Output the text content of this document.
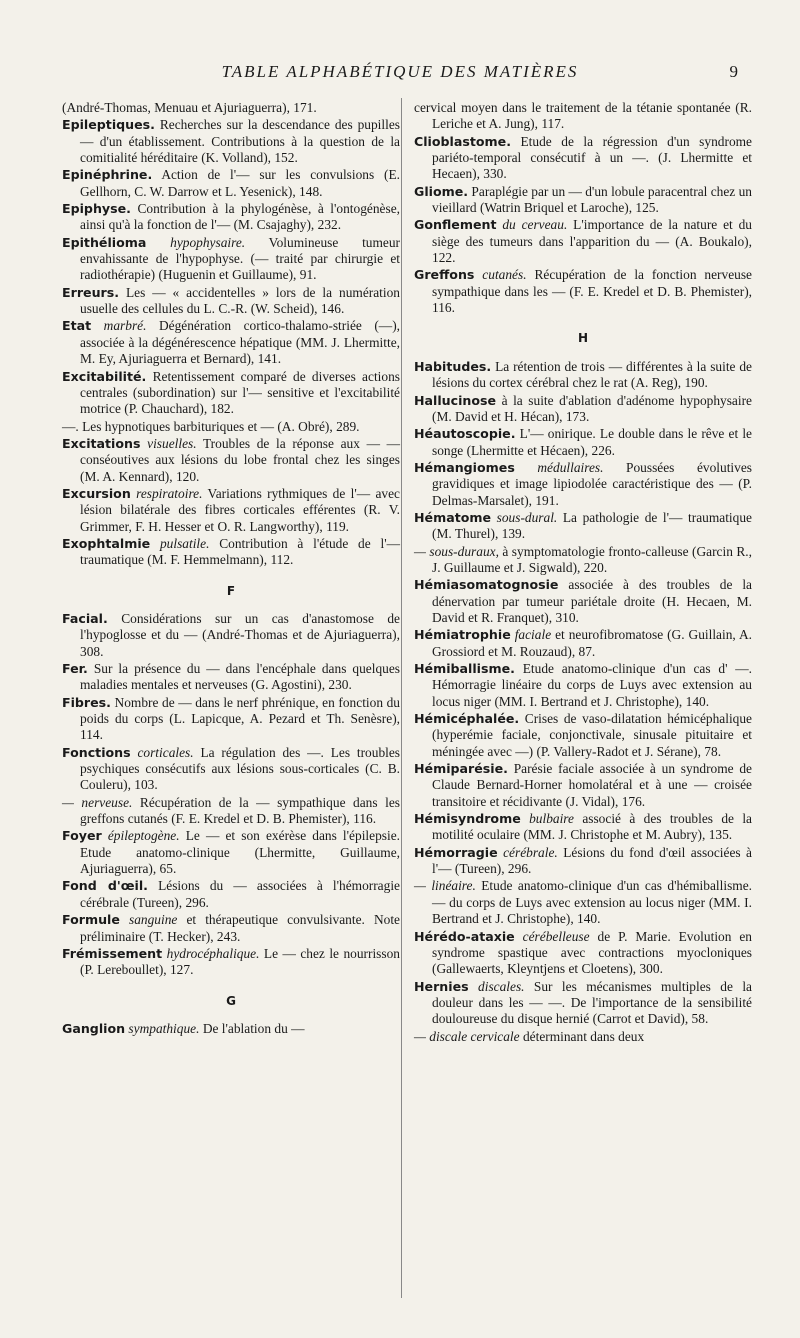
TABLE ALPHABÉTIQUE DES MATIÈRES	9
(André-Thomas, Menuau et Ajuriaguerra), 171.
Epileptiques. Recherches sur la descendance des pupilles — d'un établissement. Contributions à la question de la comitialité héréditaire (K. Volland), 152.
Epinéphrine. Action de l'— sur les convulsions (E. Gellhorn, C. W. Darrow et L. Yesenick), 148.
Epiphyse. Contribution à la phylogénèse, à l'ontogénèse, ainsi qu'à la fonction de l'— (M. Csajaghy), 232.
Epithélioma hypophysaire. Volumineuse tumeur envahissante de l'hypophyse. (— traité par chirurgie et radiothérapie) (Huguenin et Guillaume), 91.
Erreurs. Les — « accidentelles » lors de la numération usuelle des cellules du L. C.-R. (W. Scheid), 146.
Etat marbré. Dégénération cortico-thalamo-striée (—), associée à la dégénérescence hépatique (MM. J. Lhermitte, M. Ey, Ajuriaguerra et Bernard), 141.
Excitabilité. Retentissement comparé de diverses actions centrales (subordination) sur l'— sensitive et l'excitabilité motrice (P. Chauchard), 182.
—. Les hypnotiques barbituriques et — (A. Obré), 289.
Excitations visuelles. Troubles de la réponse aux — — conséoutives aux lésions du lobe frontal chez les singes (M. A. Kennard), 120.
Excursion respiratoire. Variations rythmiques de l'— avec lésion bilatérale des fibres corticales efférentes (R. V. Grimmer, F. H. Hesser et O. R. Langworthy), 119.
Exophtalmie pulsatile. Contribution à l'étude de l'— traumatique (M. F. Hemmelmann), 112.
F
Facial. Considérations sur un cas d'anastomose de l'hypoglosse et du — (André-Thomas et de Ajuriaguerra), 308.
Fer. Sur la présence du — dans l'encéphale dans quelques maladies mentales et nerveuses (G. Agostini), 230.
Fibres. Nombre de — dans le nerf phrénique, en fonction du poids du corps (L. Lapicque, A. Pezard et Th. Senèsre), 114.
Fonctions corticales. La régulation des —. Les troubles psychiques consécutifs aux lésions sous-corticales (C. B. Couleru), 103.
— nerveuse. Récupération de la — sympathique dans les greffons cutanés (F. E. Kredel et D. B. Phemister), 116.
Foyer épileptogène. Le — et son exérèse dans l'épilepsie. Etude anatomo-clinique (Lhermitte, Guillaume, Ajuriaguerra), 65.
Fond d'œil. Lésions du — associées à l'hémorragie cérébrale (Tureen), 296.
Formule sanguine et thérapeutique convulsivante. Note préliminaire (T. Hecker), 243.
Frémissement hydrocéphalique. Le — chez le nourrisson (P. Lereboullet), 127.
G
Ganglion sympathique. De l'ablation du —
cervical moyen dans le traitement de la tétanie spontanée (R. Leriche et A. Jung), 117.
Clioblastome. Etude de la régression d'un syndrome pariéto-temporal consécutif à un —. (J. Lhermitte et Hecaen), 330.
Gliome. Paraplégie par un — d'un lobule paracentral chez un vieillard (Watrin Briquel et Laroche), 125.
Gonflement du cerveau. L'importance de la nature et du siège des tumeurs dans l'apparition du — (A. Boukalo), 122.
Greffons cutanés. Récupération de la fonction nerveuse sympathique dans les — (F. E. Kredel et D. B. Phemister), 116.
H
Habitudes. La rétention de trois — différentes à la suite de lésions du cortex cérébral chez le rat (A. Reg), 190.
Hallucinose à la suite d'ablation d'adénome hypophysaire (M. David et H. Hécan), 173.
Héautoscopie. L'— onirique. Le double dans le rêve et le songe (Lhermitte et Hécaen), 226.
Hémangiomes médullaires. Poussées évolutives gravidiques et image lipiodolée caractéristique des — (P. Delmas-Marsalet), 191.
Hématome sous-dural. La pathologie de l'— traumatique (M. Thurel), 139.
— sous-duraux, à symptomatologie fronto-calleuse (Garcin R., J. Guillaume et J. Sigwald), 220.
Hémiasomatognosie associée à des troubles de la dénervation par tumeur pariétale droite (H. Hecaen, M. David et R. Franquet), 310.
Hémiatrophie faciale et neurofibromatose (G. Guillain, A. Grossiord et M. Rouzaud), 87.
Hémiballisme. Etude anatomo-clinique d'un cas d' —. Hémorragie linéaire du corps de Luys avec extension au locus niger (MM. I. Bertrand et J. Christophe), 140.
Hémicéphalée. Crises de vaso-dilatation hémicéphalique (hyperémie faciale, conjonctivale, sinusale pituitaire et méningée avec —) (P. Vallery-Radot et J. Sérane), 78.
Hémiparésie. Parésie faciale associée à un syndrome de Claude Bernard-Horner homolatéral et à une — croisée transitoire et récidivante (J. Vidal), 176.
Hémisyndrome bulbaire associé à des troubles de la motilité oculaire (MM. J. Christophe et M. Aubry), 135.
Hémorragie cérébrale. Lésions du fond d'œil associées à l'— (Tureen), 296.
— linéaire. Etude anatomo-clinique d'un cas d'hémiballisme. — du corps de Luys avec extension au locus niger (MM. I. Bertrand et J. Christophe), 140.
Hérédo-ataxie cérébelleuse de P. Marie. Evolution en syndrome spastique avec contractions myocloniques (Gallewaerts, Kleyntjens et Cloetens), 300.
Hernies discales. Sur les mécanismes multiples de la douleur dans les — —. De l'importance de la sensibilité douloureuse du disque hernié (Carrot et David), 58.
— discale cervicale déterminant dans deux
